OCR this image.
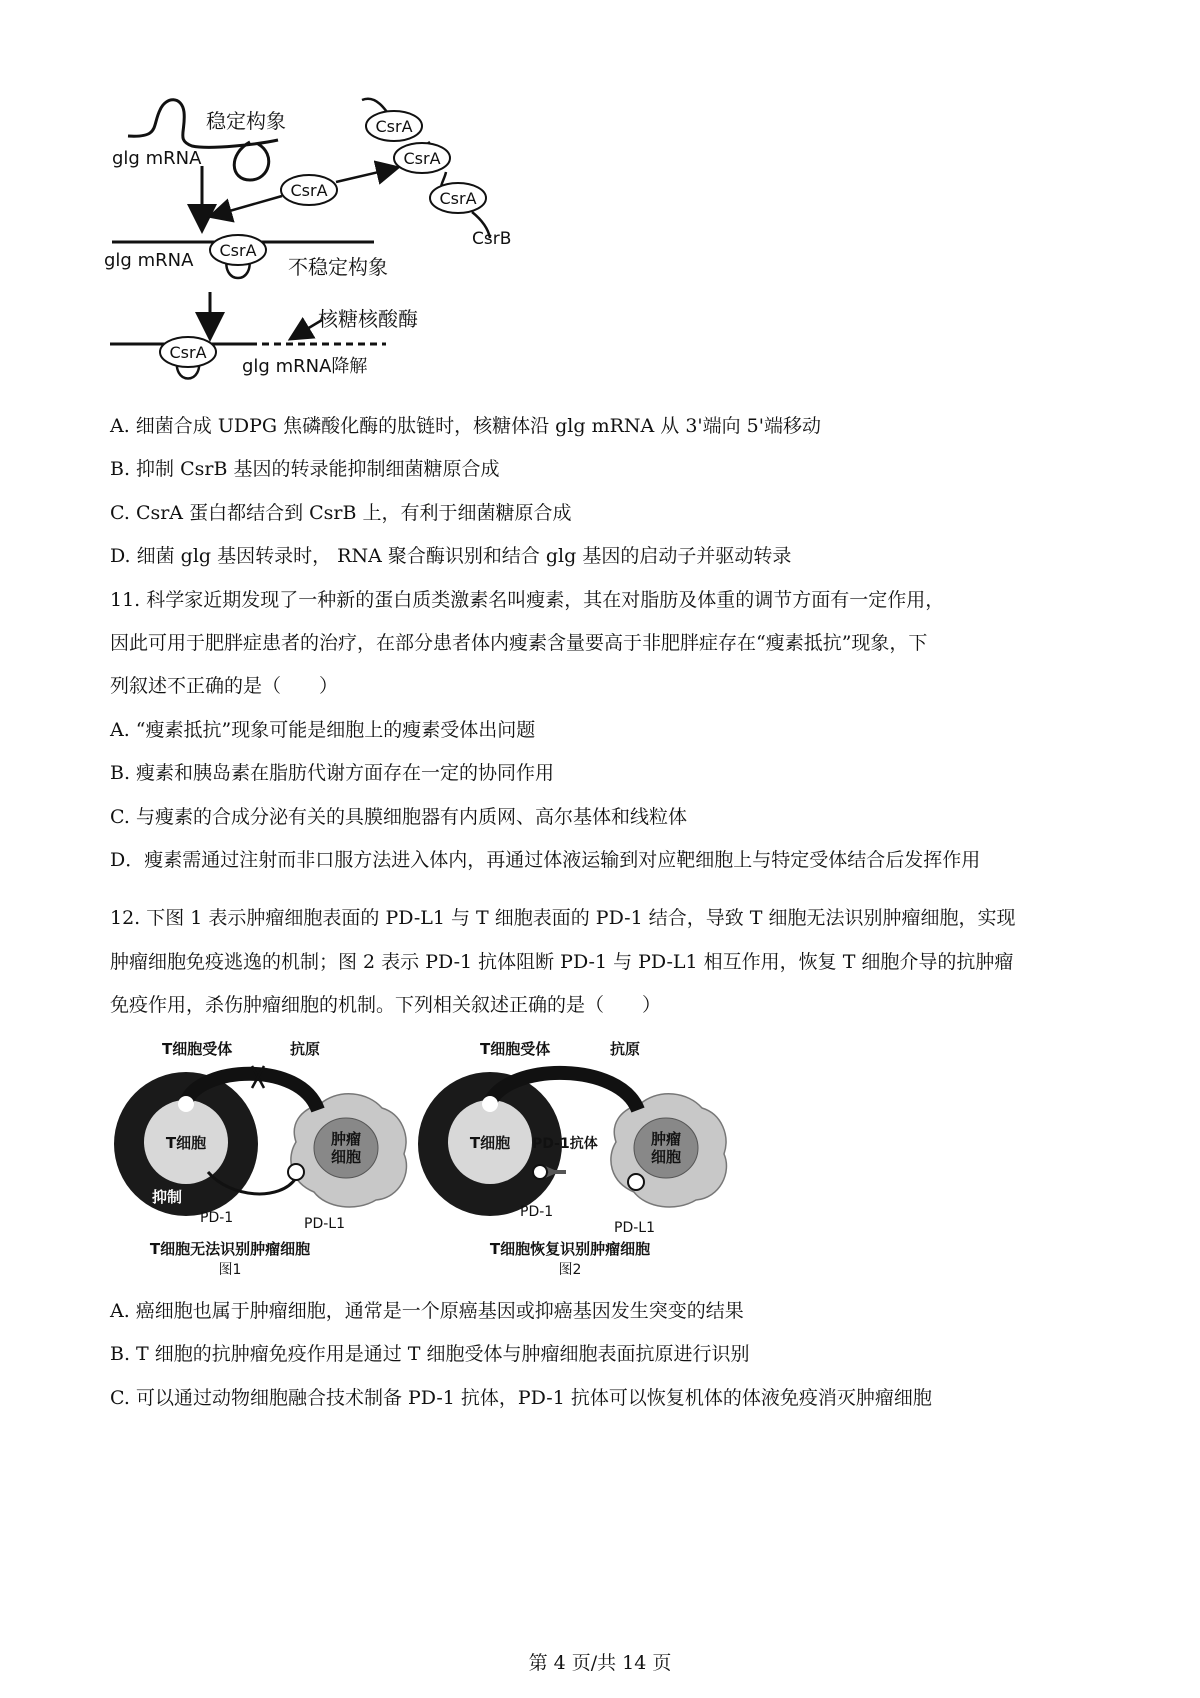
稳定构象
glg mRNA
CsrA
CsrA
CsrA
CsrA
CsrB
CsrA
glg mRNA	不稳定构象
CsrA
核糖核酸酶
glg mRNA降解
A. 细菌合成 UDPG 焦磷酸化酶的肽链时，核糖体沿 glg mRNA 从 3'端向 5'端移动
B. 抑制 CsrB 基因的转录能抑制细菌糖原合成
C. CsrA 蛋白都结合到 CsrB 上，有利于细菌糖原合成
D. 细菌 glg 基因转录时， RNA 聚合酶识别和结合 glg 基因的启动子并驱动转录
11. 科学家近期发现了一种新的蛋白质类激素名叫瘦素，其在对脂肪及体重的调节方面有一定作用，
因此可用于肥胖症患者的治疗，在部分患者体内瘦素含量要高于非肥胖症存在“瘦素抵抗”现象，下
列叙述不正确的是（　　）
A. “瘦素抵抗”现象可能是细胞上的瘦素受体出问题
B. 瘦素和胰岛素在脂肪代谢方面存在一定的协同作用
C. 与瘦素的合成分泌有关的具膜细胞器有内质网、高尔基体和线粒体
D．瘦素需通过注射而非口服方法进入体内，再通过体液运输到对应靶细胞上与特定受体结合后发挥作用
12. 下图 1 表示肿瘤细胞表面的 PD-L1 与 T 细胞表面的 PD-1 结合，导致 T 细胞无法识别肿瘤细胞，实现
肿瘤细胞免疫逃逸的机制；图 2 表示 PD-1 抗体阻断 PD-1 与 PD-L1 相互作用，恢复 T 细胞介导的抗肿瘤
免疫作用，杀伤肿瘤细胞的机制。下列相关叙述正确的是（　　）
T细胞受体	抗原
肿瘤
细胞
T细胞
抑制
PD-1	PD-L1
T细胞无法识别肿瘤细胞
图1
T细胞受体	抗原
肿瘤
细胞
T细胞 PD-1抗体
PD-1
PD-L1
T细胞恢复识别肿瘤细胞
图2
A. 癌细胞也属于肿瘤细胞，通常是一个原癌基因或抑癌基因发生突变的结果
B. T 细胞的抗肿瘤免疫作用是通过 T 细胞受体与肿瘤细胞表面抗原进行识别
C. 可以通过动物细胞融合技术制备 PD-1 抗体，PD-1 抗体可以恢复机体的体液免疫消灭肿瘤细胞
第 4 页/共 14 页
